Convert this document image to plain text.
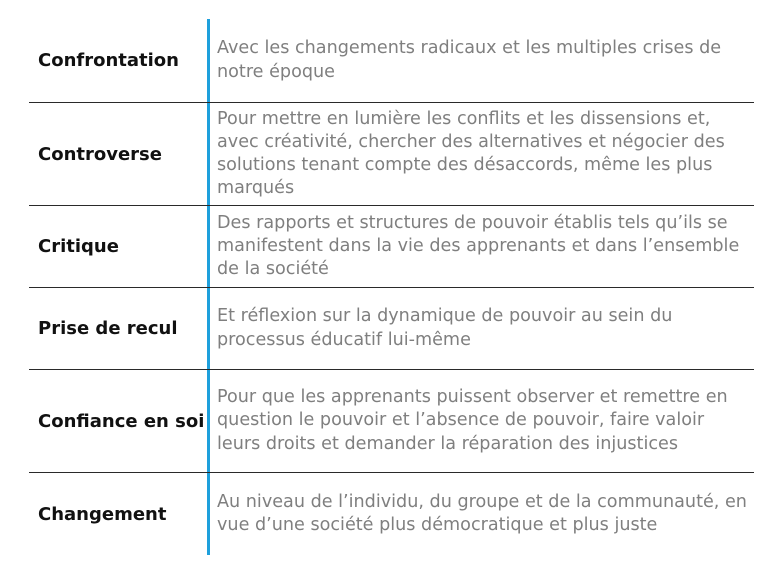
Confrontation
Avec les changements radicaux et les multiples crises de notre époque
Controverse
Pour mettre en lumière les conflits et les dissensions et, avec créativité, chercher des alternatives et négocier des solutions tenant compte des désaccords, même les plus marqués
Critique
Des rapports et structures de pouvoir établis tels qu’ils se manifestent dans la vie des apprenants et dans l’ensemble de la société
Prise de recul
Et réflexion sur la dynamique de pouvoir au sein du processus éducatif lui-même
Confiance en soi
Pour que les apprenants puissent observer et remettre en question le pouvoir et l’absence de pouvoir, faire valoir leurs droits et demander la réparation des injustices
Changement
Au niveau de l’individu, du groupe et de la communauté, en vue d’une société plus démocratique et plus juste
